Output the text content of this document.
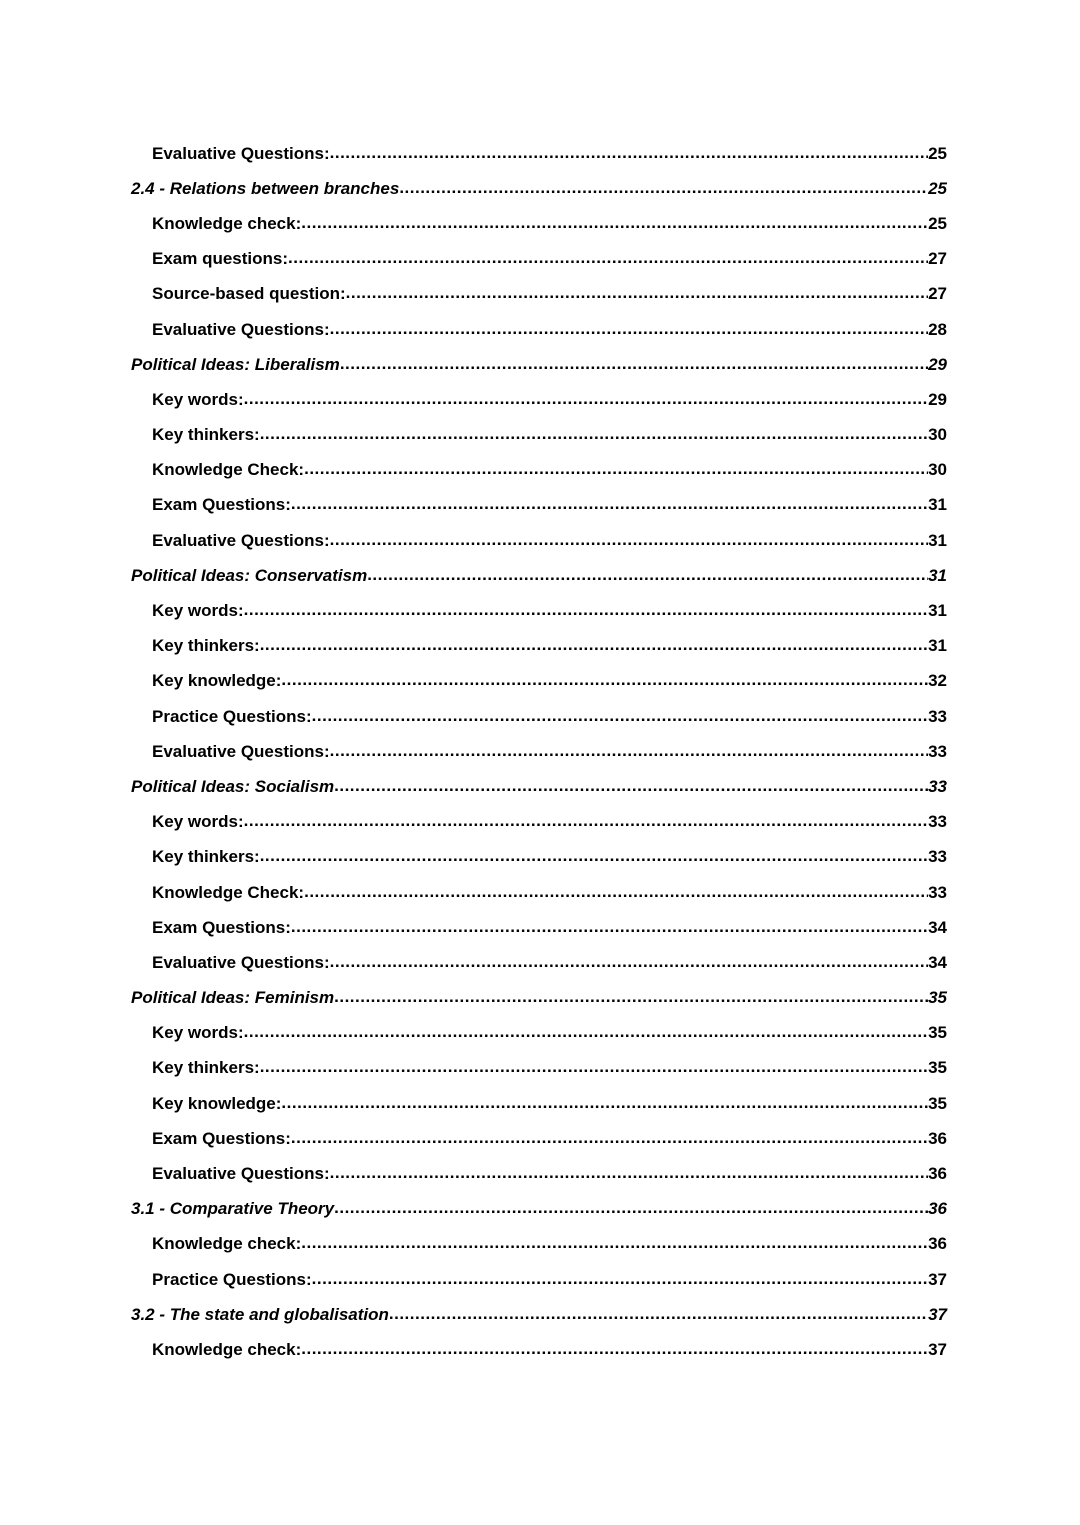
Evaluative Questions: .....	25
2.4 - Relations between branches .....	25
Knowledge check: .....	25
Exam questions: .....	27
Source-based question: .....	27
Evaluative Questions: .....	28
Political Ideas: Liberalism .....	29
Key words: .....	29
Key thinkers: .....	30
Knowledge Check: .....	30
Exam Questions: .....	31
Evaluative Questions: .....	31
Political Ideas: Conservatism .....	31
Key words: .....	31
Key thinkers: .....	31
Key knowledge: .....	32
Practice Questions: .....	33
Evaluative Questions: .....	33
Political Ideas: Socialism .....	33
Key words: .....	33
Key thinkers: .....	33
Knowledge Check: .....	33
Exam Questions: .....	34
Evaluative Questions: .....	34
Political Ideas: Feminism .....	35
Key words: .....	35
Key thinkers: .....	35
Key knowledge: .....	35
Exam Questions: .....	36
Evaluative Questions: .....	36
3.1 - Comparative Theory .....	36
Knowledge check: .....	36
Practice Questions: .....	37
3.2 - The state and globalisation .....	37
Knowledge check: .....	37
